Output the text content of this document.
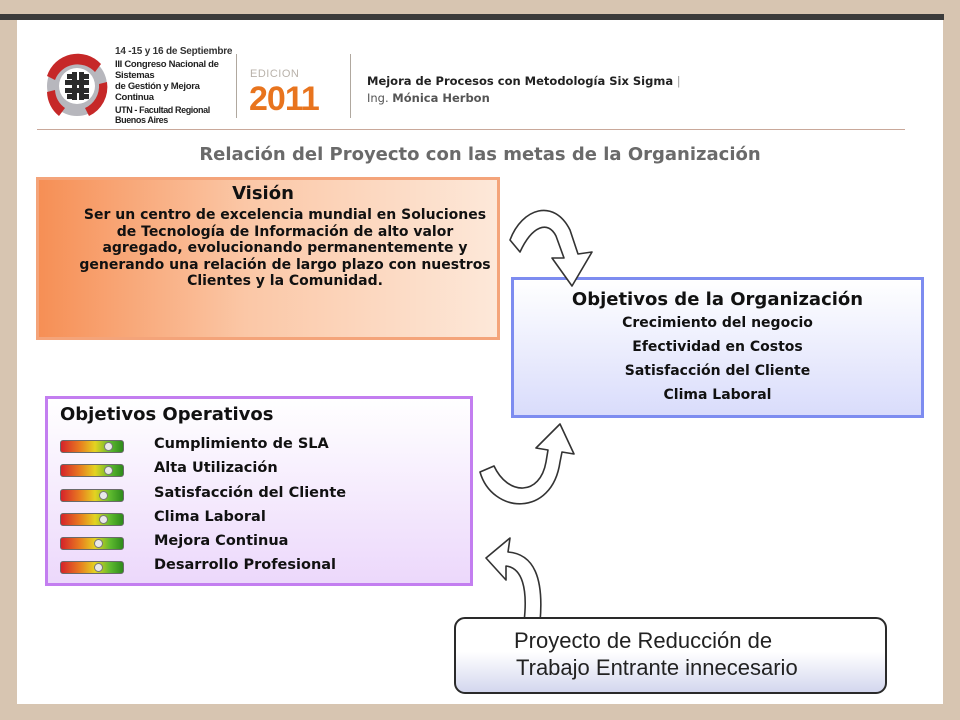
14 -15 y 16 de Septiembre
III Congreso Nacional de Sistemas
de Gestión y Mejora Continua
UTN - Facultad Regional Buenos Aires
EDICION
2011	Mejora de Procesos con Metodología Six Sigma |
Ing. Mónica Herbon
Relación del Proyecto con las metas de la Organización
Visión
Ser un centro de excelencia mundial en Soluciones de Tecnología de Información de alto valor agregado, evolucionando permanentemente y generando una relación de largo plazo con nuestros Clientes y la Comunidad.
Objetivos de la Organización
Crecimiento del negocio
Efectividad en Costos
Satisfacción del Cliente
Clima Laboral
Objetivos Operativos
Cumplimiento de SLA
Alta Utilización
Satisfacción del Cliente
Clima Laboral
Mejora Continua
Desarrollo Profesional
Proyecto de Reducción de
Trabajo Entrante innecesario
